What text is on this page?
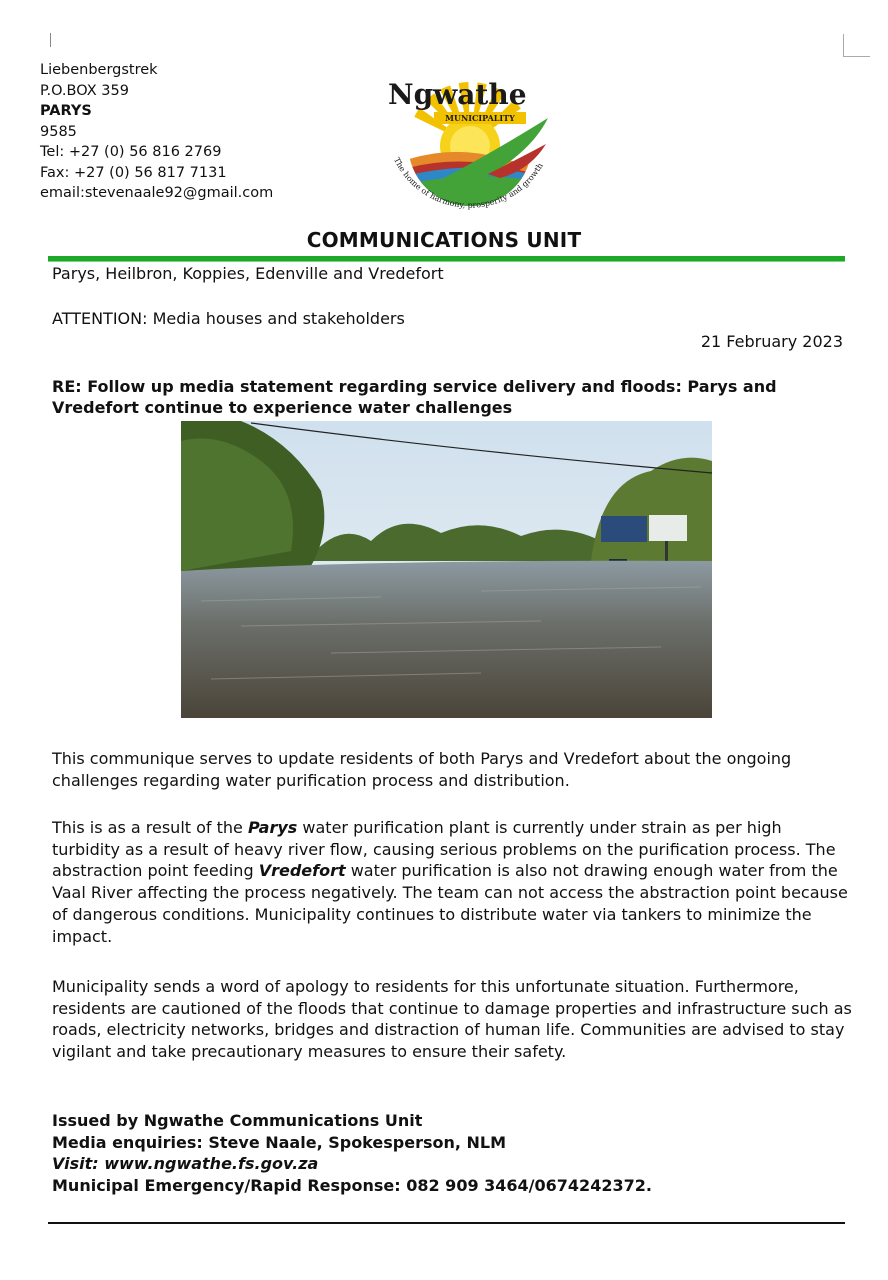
Liebenbergstrek
P.O.BOX 359
PARYS
9585
Tel: +27 (0) 56 816 2769
Fax: +27 (0) 56 817 7131
email:stevenaale92@gmail.com
Ngwathe
MUNICIPALITY
The home of harmony, prosperity and growth
COMMUNICATIONS UNIT
Parys, Heilbron, Koppies, Edenville and Vredefort
ATTENTION: Media houses and stakeholders
21 February 2023
RE: Follow up media statement regarding service delivery and floods: Parys and Vredefort continue to experience water challenges
This communique serves to update residents of both Parys and Vredefort about the ongoing challenges regarding water purification process and distribution.
This is as a result of the Parys water purification plant is currently under strain as per high turbidity as a result of heavy river flow, causing serious problems on the purification process. The abstraction point feeding Vredefort water purification is also not drawing enough water from the Vaal River affecting the process negatively. The team can not access the abstraction point because of dangerous conditions. Municipality continues to distribute water via tankers to minimize the impact.
Municipality sends a word of apology to residents for this unfortunate situation. Furthermore, residents are cautioned of the floods that continue to damage properties and infrastructure such as roads, electricity networks, bridges and distraction of human life. Communities are advised to stay vigilant and take precautionary measures to ensure their safety.
Issued by Ngwathe Communications Unit
Media enquiries: Steve Naale, Spokesperson, NLM
Visit: www.ngwathe.fs.gov.za
Municipal Emergency/Rapid Response: 082 909 3464/0674242372.
